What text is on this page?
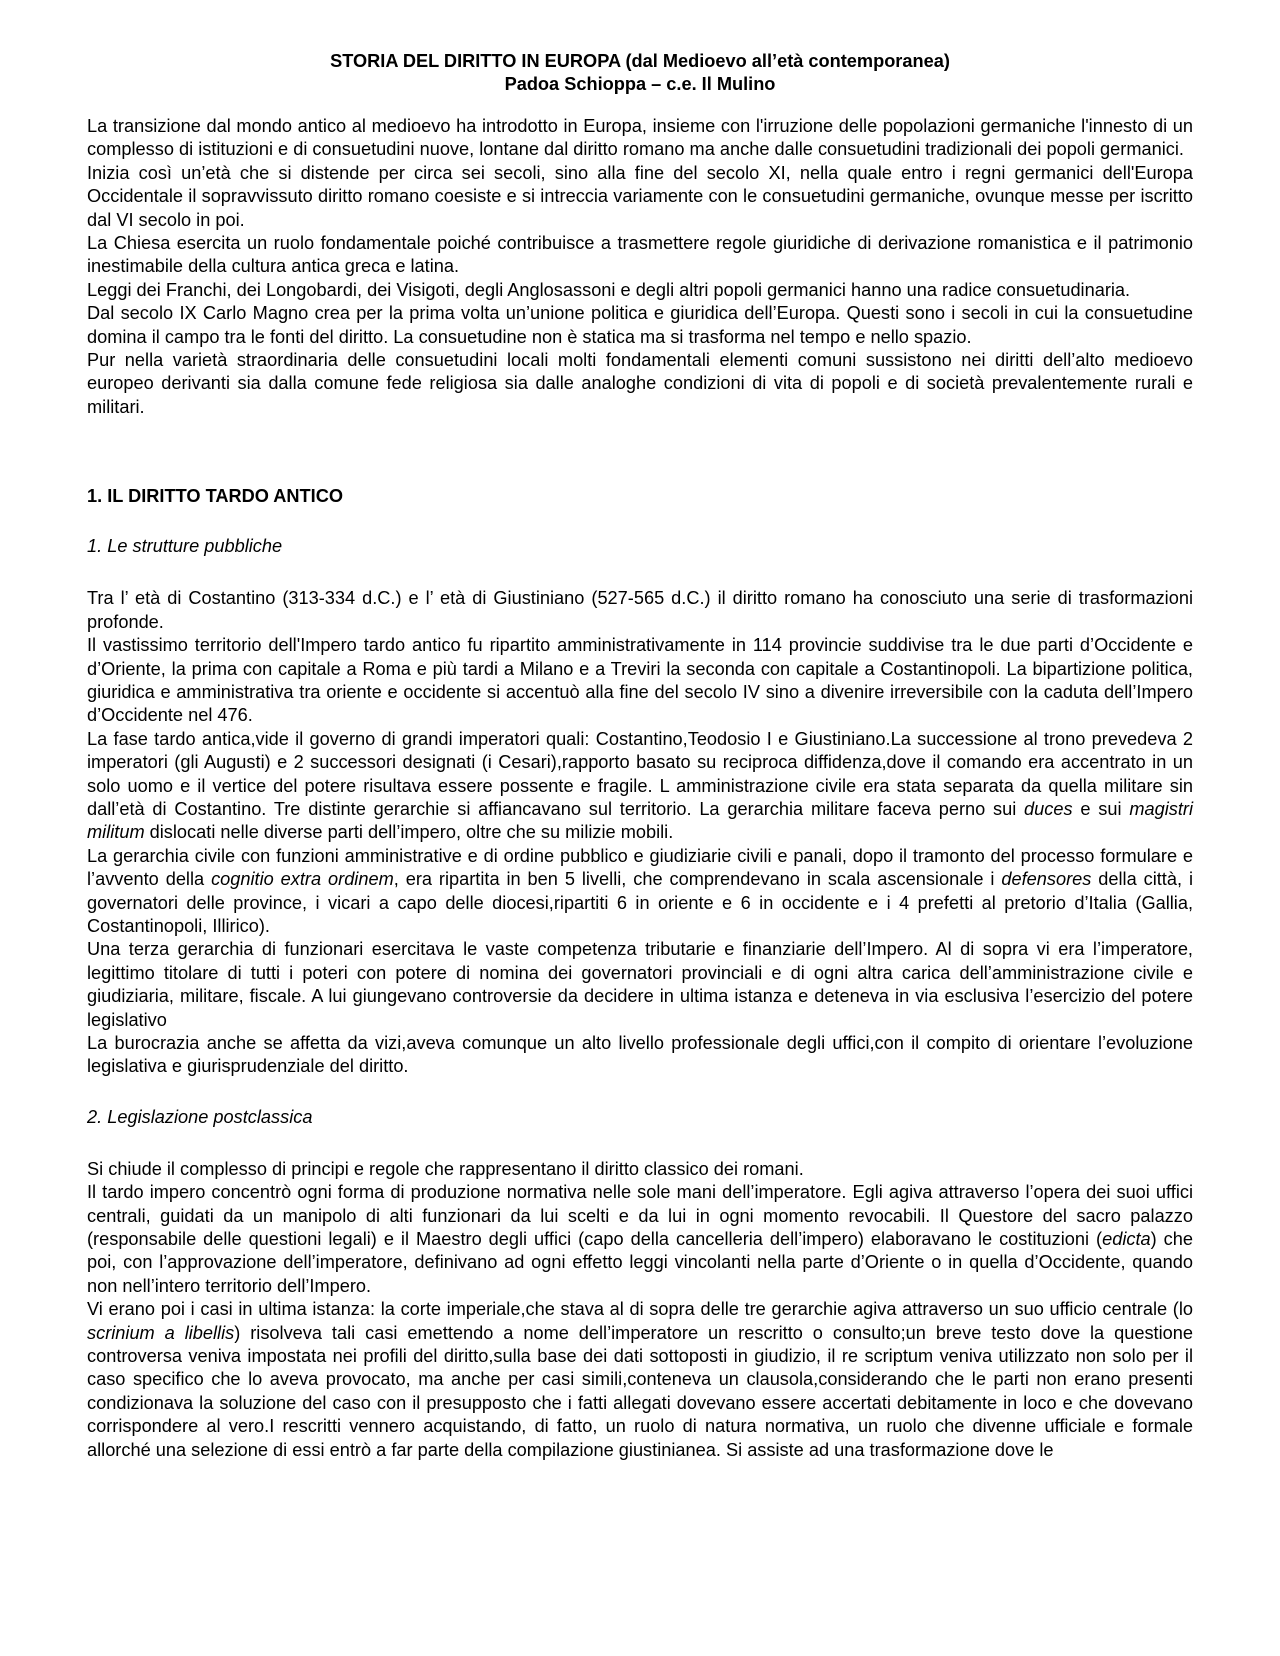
STORIA DEL DIRITTO IN EUROPA (dal Medioevo all’età contemporanea)
Padoa Schioppa – c.e. Il Mulino

La transizione dal mondo antico al medioevo ha introdotto in Europa, insieme con l'irruzione delle popolazioni germaniche l'innesto di un complesso di istituzioni e di consuetudini nuove, lontane dal diritto romano ma anche dalle consuetudini tradizionali dei popoli germanici.

Inizia così un’età che si distende per circa sei secoli, sino alla fine del secolo XI, nella quale entro i regni germanici dell'Europa Occidentale il sopravvissuto diritto romano coesiste e si intreccia variamente con le consuetudini germaniche, ovunque messe per iscritto dal VI secolo in poi.

La Chiesa esercita un ruolo fondamentale poiché contribuisce a trasmettere regole giuridiche di derivazione romanistica e il patrimonio inestimabile della cultura antica greca e latina.

Leggi dei Franchi, dei Longobardi, dei Visigoti, degli Anglosassoni e degli altri popoli germanici hanno una radice consuetudinaria.

Dal secolo IX Carlo Magno crea per la prima volta un’unione politica e giuridica dell’Europa. Questi sono i secoli in cui la consuetudine domina il campo tra le fonti del diritto. La consuetudine non è statica ma si trasforma nel tempo e nello spazio.

Pur nella varietà straordinaria delle consuetudini locali molti fondamentali elementi comuni sussistono nei diritti dell’alto medioevo europeo derivanti sia dalla comune fede religiosa sia dalle analoghe condizioni di vita di popoli e di società prevalentemente rurali e militari.

1. IL DIRITTO TARDO ANTICO
1. Le strutture pubbliche

Tra l’ età di Costantino (313-334 d.C.) e l’ età di Giustiniano (527-565 d.C.) il diritto romano ha conosciuto una serie di trasformazioni profonde.

Il vastissimo territorio dell'Impero tardo antico fu ripartito amministrativamente in 114 provincie suddivise tra le due parti d’Occidente e d’Oriente, la prima con capitale a Roma e più tardi a Milano e a Treviri la seconda con capitale a Costantinopoli. La bipartizione politica, giuridica e amministrativa tra oriente e occidente si accentuò alla fine del secolo IV sino a divenire irreversibile con la caduta dell’Impero d’Occidente nel 476.

La fase tardo antica,vide il governo di grandi imperatori quali: Costantino,Teodosio I e Giustiniano.La successione al trono prevedeva 2 imperatori (gli Augusti) e 2 successori designati (i Cesari),rapporto basato su reciproca diffidenza,dove il comando era accentrato in un solo uomo e il vertice del potere risultava essere possente e fragile. L amministrazione civile era stata separata da quella militare sin dall’età di Costantino. Tre distinte gerarchie si affiancavano sul territorio. La gerarchia militare faceva perno sui duces e sui magistri militum dislocati nelle diverse parti dell’impero, oltre che su milizie mobili.

La gerarchia civile con funzioni amministrative e di ordine pubblico e giudiziarie civili e panali, dopo il tramonto del processo formulare e l’avvento della cognitio extra ordinem, era ripartita in ben 5 livelli, che comprendevano in scala ascensionale i defensores della città, i governatori delle province, i vicari a capo delle diocesi,ripartiti 6 in oriente e 6 in occidente e i 4 prefetti al pretorio d’Italia (Gallia, Costantinopoli, Illirico).

Una terza gerarchia di funzionari esercitava le vaste competenza tributarie e finanziarie dell’Impero. Al di sopra vi era l’imperatore, legittimo titolare di tutti i poteri con potere di nomina dei governatori provinciali e di ogni altra carica dell’amministrazione civile e giudiziaria, militare, fiscale. A lui giungevano controversie da decidere in ultima istanza e deteneva in via esclusiva l’esercizio del potere legislativo

La burocrazia anche se affetta da vizi,aveva comunque un alto livello professionale degli uffici,con il compito di orientare l’evoluzione legislativa e giurisprudenziale del diritto.

2. Legislazione postclassica

Si chiude il complesso di principi e regole che rappresentano il diritto classico dei romani.

Il tardo impero concentrò ogni forma di produzione normativa nelle sole mani dell’imperatore. Egli agiva attraverso l’opera dei suoi uffici centrali, guidati da un manipolo di alti funzionari da lui scelti e da lui in ogni momento revocabili. Il Questore del sacro palazzo (responsabile delle questioni legali) e il Maestro degli uffici (capo della cancelleria dell’impero) elaboravano le costituzioni (edicta) che poi, con l’approvazione dell’imperatore, definivano ad ogni effetto leggi vincolanti nella parte d’Oriente o in quella d’Occidente, quando non nell’intero territorio dell’Impero.

Vi erano poi i casi in ultima istanza: la corte imperiale,che stava al di sopra delle tre gerarchie agiva attraverso un suo ufficio centrale (lo scrinium a libellis) risolveva tali casi emettendo a nome dell’imperatore un rescritto o consulto;un breve testo dove la questione controversa veniva impostata nei profili del diritto,sulla base dei dati sottoposti in giudizio, il re scriptum veniva utilizzato non solo per il caso specifico che lo aveva provocato, ma anche per casi simili,conteneva un clausola,considerando che le parti non erano presenti condizionava la soluzione del caso con il presupposto che i fatti allegati dovevano essere accertati debitamente in loco e che dovevano corrispondere al vero.I rescritti vennero acquistando, di fatto, un ruolo di natura normativa, un ruolo che divenne ufficiale e formale allorché una selezione di essi entrò a far parte della compilazione giustinianea. Si assiste ad una trasformazione dove le
